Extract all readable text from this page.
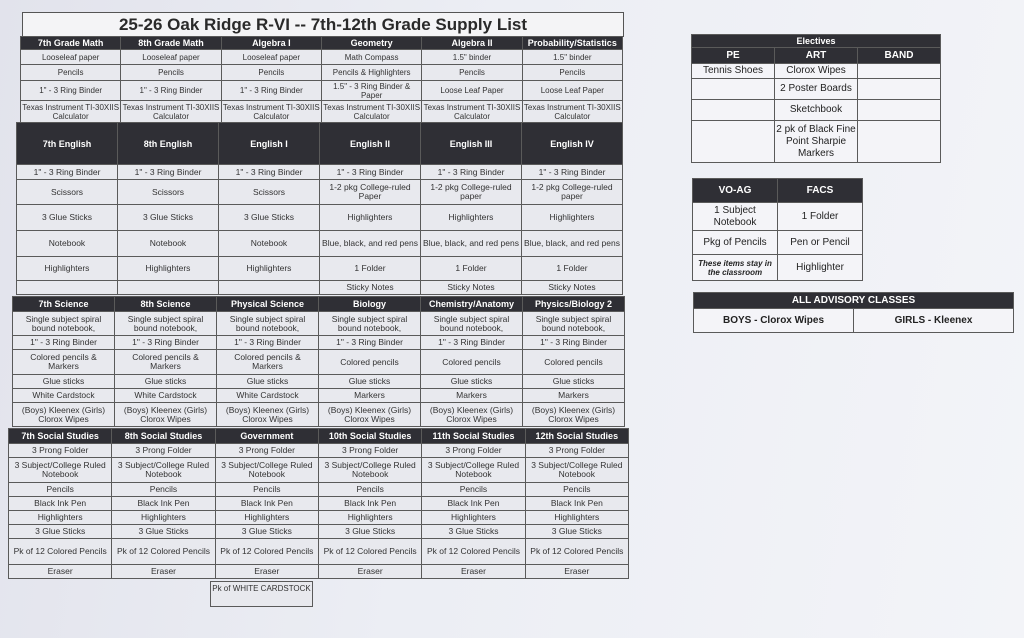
25-26 Oak Ridge R-VI -- 7th-12th Grade Supply List
7th Grade Math	8th Grade Math	Algebra I	Geometry	Algebra II	Probability/Statistics
Looseleaf paper	Looseleaf paper	Looseleaf paper	Math Compass	1.5" binder	1.5" binder
Pencils	Pencils	Pencils	Pencils & Highlighters	Pencils	Pencils
1" - 3 Ring Binder	1" - 3 Ring Binder	1" - 3 Ring Binder	1.5" - 3 Ring Binder & Paper	Loose Leaf Paper	Loose Leaf Paper
Texas Instrument TI-30XIIS Calculator	Texas Instrument TI-30XIIS Calculator	Texas Instrument TI-30XIIS Calculator	Texas Instrument TI-30XIIS Calculator	Texas Instrument TI-30XIIS Calculator	Texas Instrument TI-30XIIS Calculator
7th English	8th English	English I	English II	English III	English IV
1" - 3 Ring Binder	1" - 3 Ring Binder	1" - 3 Ring Binder	1" - 3 Ring Binder	1" - 3 Ring Binder	1" - 3 Ring Binder
Scissors	Scissors	Scissors	1-2 pkg College-ruled Paper	1-2 pkg College-ruled paper	1-2 pkg College-ruled paper
3 Glue Sticks	3 Glue Sticks	3 Glue Sticks	Highlighters	Highlighters	Highlighters
Notebook	Notebook	Notebook	Blue, black, and red pens	Blue, black, and red pens	Blue, black, and red pens
Highlighters	Highlighters	Highlighters	1 Folder	1 Folder	1 Folder
			Sticky Notes	Sticky Notes	Sticky Notes
7th Science	8th Science	Physical Science	Biology	Chemistry/Anatomy	Physics/Biology 2
Single subject spiral bound notebook,	Single subject spiral bound notebook,	Single subject spiral bound notebook,	Single subject spiral bound notebook,	Single subject spiral bound notebook,	Single subject spiral bound notebook,
1" - 3 Ring Binder	1" - 3 Ring Binder	1" - 3 Ring Binder	1" - 3 Ring Binder	1" - 3 Ring Binder	1" - 3 Ring Binder
Colored pencils & Markers	Colored pencils & Markers	Colored pencils & Markers	Colored pencils	Colored pencils	Colored pencils
Glue sticks	Glue sticks	Glue sticks	Glue sticks	Glue sticks	Glue sticks
White Cardstock	White Cardstock	White Cardstock	Markers	Markers	Markers
(Boys) Kleenex (Girls) Clorox Wipes	(Boys) Kleenex (Girls) Clorox Wipes	(Boys) Kleenex (Girls) Clorox Wipes	(Boys) Kleenex (Girls) Clorox Wipes	(Boys) Kleenex (Girls) Clorox Wipes	(Boys) Kleenex (Girls) Clorox Wipes
7th Social Studies	8th Social Studies	Government	10th Social Studies	11th Social Studies	12th Social Studies
3 Prong Folder	3 Prong Folder	3 Prong Folder	3 Prong Folder	3 Prong Folder	3 Prong Folder
3 Subject/College Ruled Notebook	3 Subject/College Ruled Notebook	3 Subject/College Ruled Notebook	3 Subject/College Ruled Notebook	3 Subject/College Ruled Notebook	3 Subject/College Ruled Notebook
Pencils	Pencils	Pencils	Pencils	Pencils	Pencils
Black Ink Pen	Black Ink Pen	Black Ink Pen	Black Ink Pen	Black Ink Pen	Black Ink Pen
Highlighters	Highlighters	Highlighters	Highlighters	Highlighters	Highlighters
3 Glue Sticks	3 Glue Sticks	3 Glue Sticks	3 Glue Sticks	3 Glue Sticks	3 Glue Sticks
Pk of 12 Colored Pencils	Pk of 12 Colored Pencils	Pk of 12 Colored Pencils	Pk of 12 Colored Pencils	Pk of 12 Colored Pencils	Pk of 12 Colored Pencils
Eraser	Eraser	Eraser	Eraser	Eraser	Eraser
Pk of WHITE CARDSTOCK
Electives		
PE	ART	BAND
Tennis Shoes	Clorox Wipes	
	2 Poster Boards	
	Sketchbook	
	2 pk of Black Fine Point Sharpie Markers	
VO-AG	FACS
1 Subject Notebook	1 Folder
Pkg of Pencils	Pen or Pencil
These items stay in the classroom	Highlighter
ALL ADVISORY CLASSES
BOYS - Clorox Wipes	GIRLS - Kleenex
